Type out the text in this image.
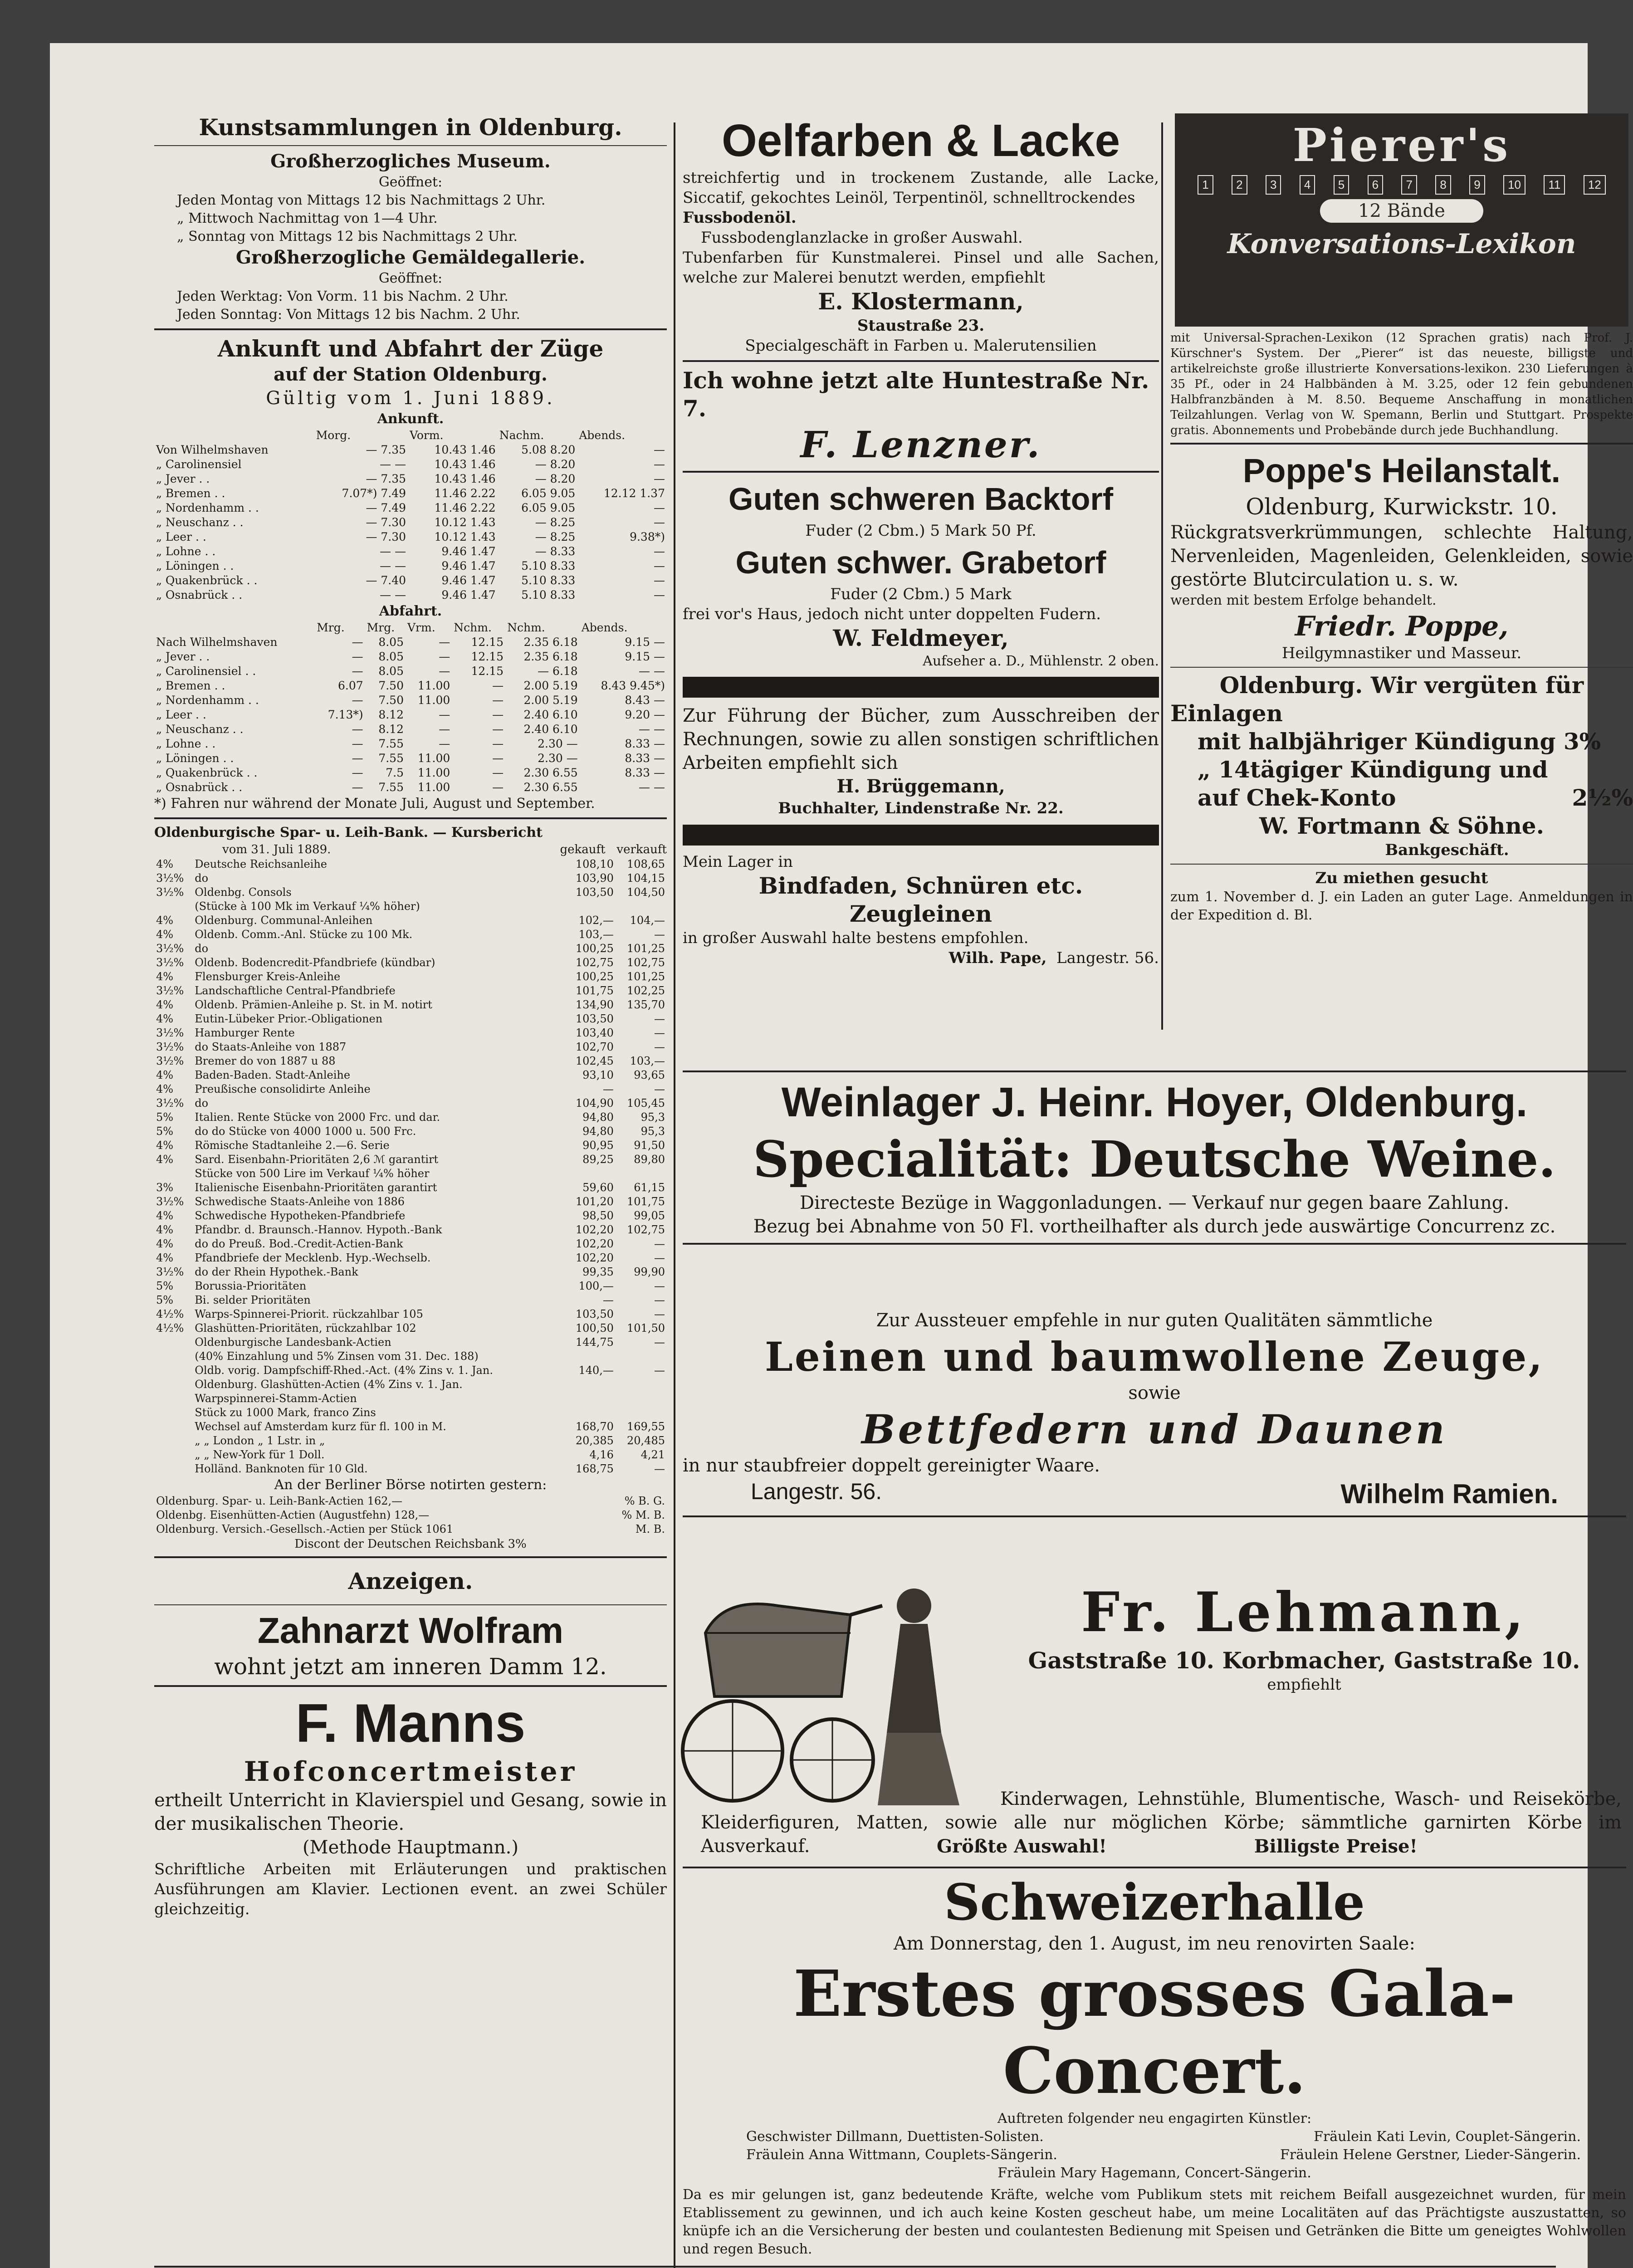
Kunstsammlungen in Oldenburg.
Großherzogliches Museum.
Geöffnet:
Jeden Montag von Mittags 12 bis Nachmittags 2 Uhr.
„ Mittwoch Nachmittag von 1—4 Uhr.
„ Sonntag von Mittags 12 bis Nachmittags 2 Uhr.
Großherzogliche Gemäldegallerie.
Geöffnet:
Jeden Werktag: Von Vorm. 11 bis Nachm. 2 Uhr.
Jeden Sonntag: Von Mittags 12 bis Nachm. 2 Uhr.
Ankunft und Abfahrt der Züge
auf der Station Oldenburg.
Gültig vom 1. Juni 1889.
Ankunft.
	Morg.	Vorm.	Nachm.	Abends.
Von Wilhelmshaven	— 7.35	10.43 1.46	5.08 8.20	—
„ Carolinensiel	— —	10.43 1.46	— 8.20	—
„ Jever . .	— 7.35	10.43 1.46	— 8.20	—
„ Bremen . .	7.07*) 7.49	11.46 2.22	6.05 9.05	12.12 1.37
„ Nordenhamm . .	— 7.49	11.46 2.22	6.05 9.05	—
„ Neuschanz . .	— 7.30	10.12 1.43	— 8.25	—
„ Leer . .	— 7.30	10.12 1.43	— 8.25	9.38*)
„ Lohne . .	— —	9.46 1.47	— 8.33	—
„ Löningen . .	— —	9.46 1.47	5.10 8.33	—
„ Quakenbrück . .	— 7.40	9.46 1.47	5.10 8.33	—
„ Osnabrück . .	— —	9.46 1.47	5.10 8.33	—
Abfahrt.
	Mrg.	Mrg.	Vrm.	Nchm.	Nchm.	Abends.
Nach Wilhelmshaven	—	8.05	—	12.15	2.35 6.18	9.15 —
„ Jever . .	—	8.05	—	12.15	2.35 6.18	9.15 —
„ Carolinensiel . .	—	8.05	—	12.15	— 6.18	— —
„ Bremen . .	6.07	7.50	11.00	—	2.00 5.19	8.43 9.45*)
„ Nordenhamm . .	—	7.50	11.00	—	2.00 5.19	8.43 —
„ Leer . .	7.13*)	8.12	—	—	2.40 6.10	9.20 —
„ Neuschanz . .	—	8.12	—	—	2.40 6.10	— —
„ Lohne . .	—	7.55	—	—	2.30 —	8.33 —
„ Löningen . .	—	7.55	11.00	—	2.30 —	8.33 —
„ Quakenbrück . .	—	7.5	11.00	—	2.30 6.55	8.33 —
„ Osnabrück . .	—	7.55	11.00	—	2.30 6.55	— —
*) Fahren nur während der Monate Juli, August und September.
Oldenburgische Spar- u. Leih-Bank. — Kursbericht
vom 31. Juli 1889.	gekauft verkauft
4%	Deutsche Reichsanleihe	108,10	108,65
3½%	do	103,90	104,15
3½%	Oldenbg. Consols	103,50	104,50
	(Stücke à 100 Mk im Verkauf ¼% höher)		
4%	Oldenburg. Communal-Anleihen	102,—	104,—
4%	Oldenb. Comm.-Anl. Stücke zu 100 Mk.	103,—	—
3½%	do	100,25	101,25
3½%	Oldenb. Bodencredit-Pfandbriefe (kündbar)	102,75	102,75
4%	Flensburger Kreis-Anleihe	100,25	101,25
3½%	Landschaftliche Central-Pfandbriefe	101,75	102,25
4%	Oldenb. Prämien-Anleihe p. St. in M. notirt	134,90	135,70
4%	Eutin-Lübeker Prior.-Obligationen	103,50	—
3½%	Hamburger Rente	103,40	—
3½%	do Staats-Anleihe von 1887	102,70	—
3½%	Bremer do von 1887 u 88	102,45	103,—
4%	Baden-Baden. Stadt-Anleihe	93,10	93,65
4%	Preußische consolidirte Anleihe	—	—
3½%	do	104,90	105,45
5%	Italien. Rente Stücke von 2000 Frc. und dar.	94,80	95,3
5%	do do Stücke von 4000 1000 u. 500 Frc.	94,80	95,3
4%	Römische Stadtanleihe 2.—6. Serie	90,95	91,50
4%	Sard. Eisenbahn-Prioritäten 2,6 ℳ garantirt	89,25	89,80
	Stücke von 500 Lire im Verkauf ¼% höher		
3%	Italienische Eisenbahn-Prioritäten garantirt	59,60	61,15
3½%	Schwedische Staats-Anleihe von 1886	101,20	101,75
4%	Schwedische Hypotheken-Pfandbriefe	98,50	99,05
4%	Pfandbr. d. Braunsch.-Hannov. Hypoth.-Bank	102,20	102,75
4%	do do Preuß. Bod.-Credit-Actien-Bank	102,20	—
4%	Pfandbriefe der Mecklenb. Hyp.-Wechselb.	102,20	—
3½%	do der Rhein Hypothek.-Bank	99,35	99,90
5%	Borussia-Prioritäten	100,—	—
5%	Bi. selder Prioritäten	—	—
4½%	Warps-Spinnerei-Priorit. rückzahlbar 105	103,50	—
4½%	Glashütten-Prioritäten, rückzahlbar 102	100,50	101,50
	Oldenburgische Landesbank-Actien	144,75	—
	(40% Einzahlung und 5% Zinsen vom 31. Dec. 188)		
	Oldb. vorig. Dampfschiff-Rhed.-Act. (4% Zins v. 1. Jan.	140,—	—
	Oldenburg. Glashütten-Actien (4% Zins v. 1. Jan.		
	Warpspinnerei-Stamm-Actien		
	Stück zu 1000 Mark, franco Zins		
	Wechsel auf Amsterdam kurz für fl. 100 in M.	168,70	169,55
	„ „ London „ 1 Lstr. in „	20,385	20,485
	„ „ New-York für 1 Doll.	4,16	4,21
	Holländ. Banknoten für 10 Gld.	168,75	—
An der Berliner Börse notirten gestern:
Oldenburg. Spar- u. Leih-Bank-Actien 162,—	% B. G.
Oldenbg. Eisenhütten-Actien (Augustfehn) 128,—	% M. B.
Oldenburg. Versich.-Gesellsch.-Actien per Stück 1061	M. B.
Discont der Deutschen Reichsbank 3%
Anzeigen.
Zahnarzt Wolfram
wohnt jetzt am inneren Damm 12.
F. Manns
Hofconcertmeister
ertheilt Unterricht in Klavierspiel und Gesang, sowie in der musikalischen Theorie.
(Methode Hauptmann.)
Schriftliche Arbeiten mit Erläuterungen und praktischen Ausführungen am Klavier. Lectionen event. an zwei Schüler gleichzeitig.
Oelfarben & Lacke
streichfertig und in trockenem Zustande, alle Lacke, Siccatif, gekochtes Leinöl, Terpentinöl, schnelltrockendes
Fussbodenöl.
Fussbodenglanzlacke in großer Auswahl.
Tubenfarben für Kunstmalerei. Pinsel und alle Sachen, welche zur Malerei benutzt werden, empfiehlt
E. Klostermann,
Staustraße 23.
Specialgeschäft in Farben u. Malerutensilien
Ich wohne jetzt alte Huntestraße Nr. 7.
F. Lenzner.
Guten schweren Backtorf
Fuder (2 Cbm.) 5 Mark 50 Pf.
Guten schwer. Grabetorf
Fuder (2 Cbm.) 5 Mark
frei vor's Haus, jedoch nicht unter doppelten Fudern.
W. Feldmeyer,
Aufseher a. D., Mühlenstr. 2 oben.
Zur Führung der Bücher, zum Ausschreiben der Rechnungen, sowie zu allen sonstigen schriftlichen Arbeiten empfiehlt sich
H. Brüggemann,
Buchhalter, Lindenstraße Nr. 22.
Mein Lager in
Bindfaden, Schnüren etc.
Zeugleinen
in großer Auswahl halte bestens empfohlen.
Wilh. Pape, Langestr. 56.
Pierer's
1	2	3	4	5	6	7	8	9	10	11	12
12 Bände
Konversations-Lexikon
mit Universal-Sprachen-Lexikon (12 Sprachen gratis) nach Prof. J. Kürschner's System. Der „Pierer“ ist das neueste, billigste und artikelreichste große illustrierte Konversations-lexikon. 230 Lieferungen à 35 Pf., oder in 24 Halbbänden à M. 3.25, oder 12 fein gebundenen Halbfranzbänden à M. 8.50. Bequeme Anschaffung in monatlichen Teilzahlungen. Verlag von W. Spemann, Berlin und Stuttgart. Prospekte gratis. Abonnements und Probebände durch jede Buchhandlung.
Poppe's Heilanstalt.
Oldenburg, Kurwickstr. 10.
Rückgratsverkrümmungen, schlechte Haltung, Nervenleiden, Magenleiden, Gelenkleiden, sowie gestörte Blutcirculation u. s. w.
werden mit bestem Erfolge behandelt.
Friedr. Poppe,
Heilgymnastiker und Masseur.
Oldenburg. Wir vergüten für
Einlagen
mit halbjähriger Kündigung 3%
„ 14tägiger Kündigung und
auf Chek-Konto	2½%
W. Fortmann & Söhne.
Bankgeschäft.
Zu miethen gesucht
zum 1. November d. J. ein Laden an guter Lage. Anmeldungen in der Expedition d. Bl.
Weinlager J. Heinr. Hoyer, Oldenburg.
Specialität: Deutsche Weine.
Directeste Bezüge in Waggonladungen. — Verkauf nur gegen baare Zahlung.
Bezug bei Abnahme von 50 Fl. vortheilhafter als durch jede auswärtige Concurrenz zc.
Zur Aussteuer empfehle in nur guten Qualitäten sämmtliche
Leinen und baumwollene Zeuge,
sowie
Bettfedern und Daunen
in nur staubfreier doppelt gereinigter Waare.
Langestr. 56.	Wilhelm Ramien.
Fr. Lehmann,
Gaststraße 10. Korbmacher, Gaststraße 10.
empfiehlt
Kinderwagen, Lehnstühle, Blumentische, Wasch- und Reisekörbe, Kleiderfiguren, Matten, sowie alle nur möglichen Körbe; sämmtliche garnirten Körbe im Ausverkauf.	Größte Auswahl!	Billigste Preise!
Schweizerhalle
Am Donnerstag, den 1. August, im neu renovirten Saale:
Erstes grosses Gala-Concert.
Auftreten folgender neu engagirten Künstler:
Geschwister Dillmann, Duettisten-Solisten.	Fräulein Kati Levin, Couplet-Sängerin.
Fräulein Anna Wittmann, Couplets-Sängerin.	Fräulein Helene Gerstner, Lieder-Sängerin.
Fräulein Mary Hagemann, Concert-Sängerin.
Da es mir gelungen ist, ganz bedeutende Kräfte, welche vom Publikum stets mit reichem Beifall ausgezeichnet wurden, für mein Etablissement zu gewinnen, und ich auch keine Kosten gescheut habe, um meine Localitäten auf das Prächtigste auszustatten, so knüpfe ich an die Versicherung der besten und coulantesten Bedienung mit Speisen und Getränken die Bitte um geneigtes Wohlwollen und regen Besuch.
